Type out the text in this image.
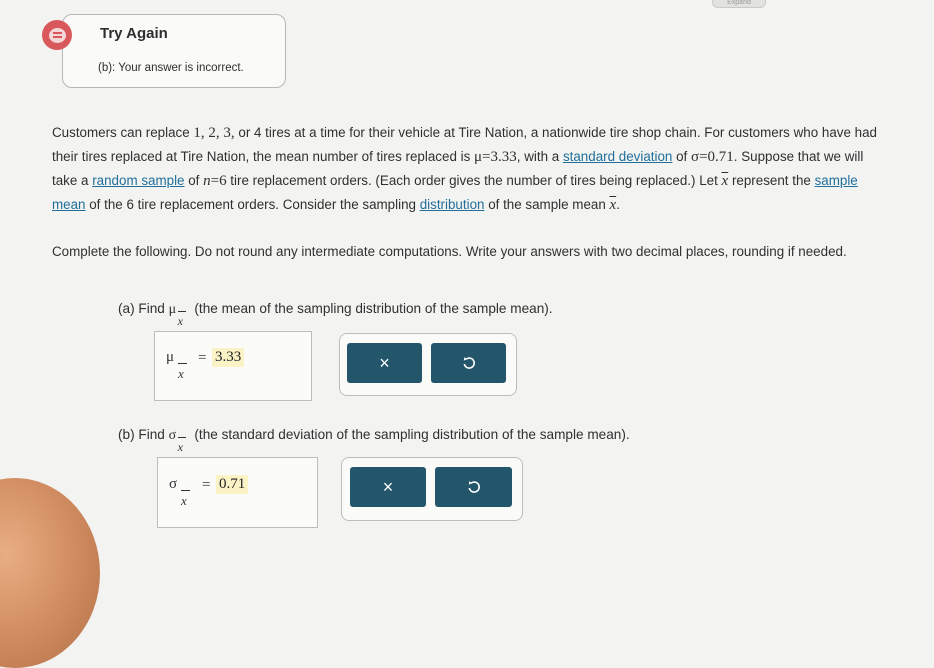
Expand
Try Again
(b): Your answer is incorrect.
Customers can replace 1, 2, 3, or 4 tires at a time for their vehicle at Tire Nation, a nationwide tire shop chain. For customers who have had their tires replaced at Tire Nation, the mean number of tires replaced is μ=3.33, with a standard deviation of σ=0.71. Suppose that we will take a random sample of n=6 tire replacement orders. (Each order gives the number of tires being replaced.) Let $\overline{x}$ represent the sample mean of the 6 tire replacement orders. Consider the sampling distribution of the sample mean $\overline{x}$.
Complete the following. Do not round any intermediate computations. Write your answers with two decimal places, rounding if needed.
(a) Find μ
x
(the mean of the sampling distribution of the sample mean).
μ
x
= 3.33	×
(b) Find σ
x
(the standard deviation of the sampling distribution of the sample mean).
σ
x
= 0.71	×
